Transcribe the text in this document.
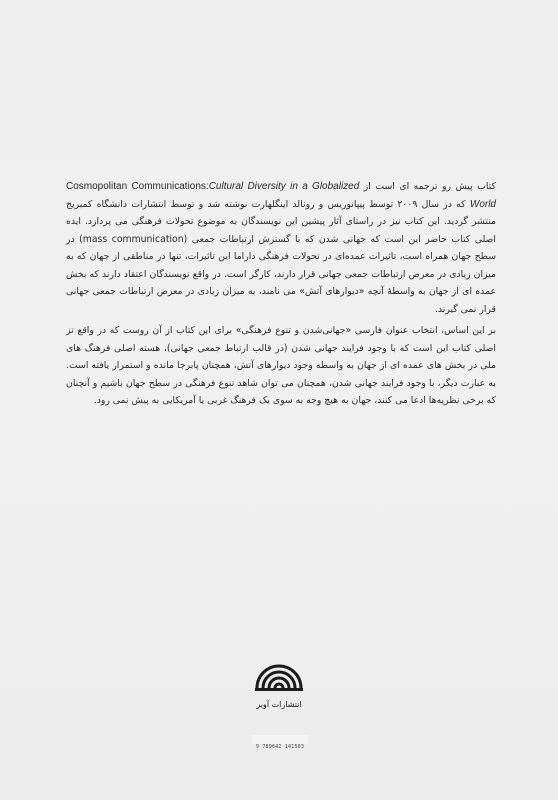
کتاب پیش رو ترجمه ای است از Cosmopolitan Communications:Cultural Diversity in a Globalized World که در سال ۲۰۰۹ توسط پیپانوریس و رونالد اینگلهارت نوشته شد و توسط انتشارات دانشگاه کمبریج منتشر گردید. این کتاب نیز در راستای آثار پیشین این نویسندگان به موضوع تحولات فرهنگی می پردازد. ایده اصلی کتاب حاضر این است که جهانی شدن که با گسترش ارتباطات جمعی (mass communication) در سطح جهان همراه است، تاثیرات عمده‌ای در تحولات فرهنگی داراما این تاثیرات، تنها در مناطقی از جهان که به میزان زیادی در معرض ارتباطات جمعی جهانی قرار دارند، کارگر است. در واقع نویسندگان اعتقاد دارند که بخش عمده ای از جهان به واسطهٔ آنچه «دیوارهای آتش» می نامند، به میزان زیادی در معرض ارتباطات جمعی جهانی قرار نمی گیرند.

بر این اساس، انتخاب عنوان فارسی «جهانی‌شدن و تنوع فرهنگی» برای این کتاب از آن روست که در واقع تز اصلی کتاب این است که با وجود فرایند جهانی شدن (در قالب ارتباط جمعی جهانی)، هسته اصلی فرهنگ های ملی در بخش های عمده ای از جهان به واسطه وجود دیوارهای آتش، همچنان پابرجا مانده و استمرار یافته است. به عبارت دیگر، با وجود فرایند جهانی شدن، همچنان می توان شاهد تنوع فرهنگی در سطح جهان باشیم و آنچنان که برخی نظریه‌ها ادعا می کنند، جهان به هیچ وجه به سوی یک فرهنگ غربی یا آمریکایی به پیش نمی رود.

انتشارات آویر
9 789642 141503
